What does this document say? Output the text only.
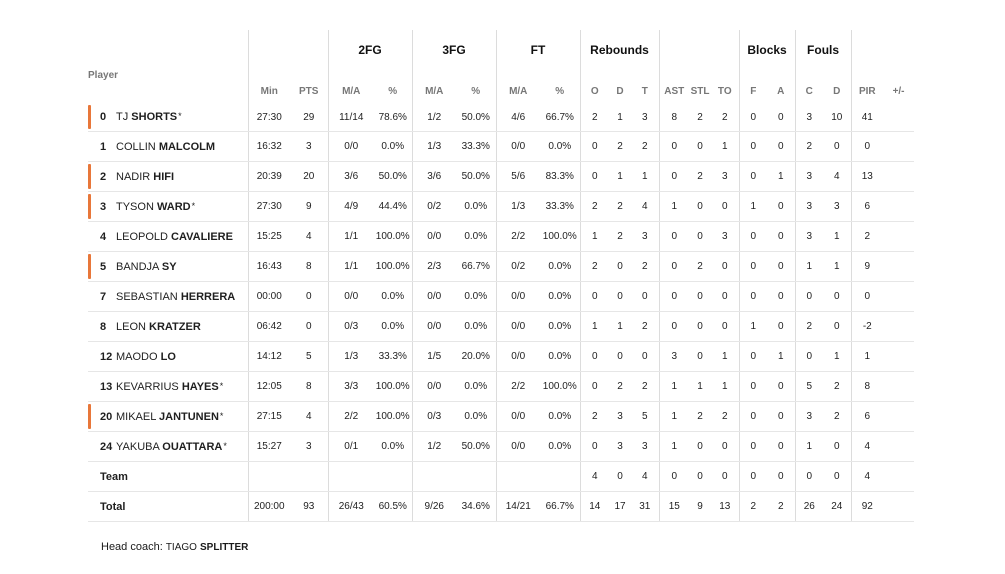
			2FG		3FG		FT		Rebounds						Blocks		Fouls			
Player	Min	PTS	M/A	%	M/A	%	M/A	%	O	D	T	AST	STL	TO	F	A	C	D	PIR	+/-

0 TJ SHORTS*	27:30	29	11/14	78.6%	1/2	50.0%	4/6	66.7%	2	1	3	8	2	2	0	0	3	10	41	
1 COLLIN MALCOLM	16:32	3	0/0	0.0%	1/3	33.3%	0/0	0.0%	0	2	2	0	0	1	0	0	2	0	0	

2 NADIR HIFI	20:39	20	3/6	50.0%	3/6	50.0%	5/6	83.3%	0	1	1	0	2	3	0	1	3	4	13	

3 TYSON WARD*	27:30	9	4/9	44.4%	0/2	0.0%	1/3	33.3%	2	2	4	1	0	0	1	0	3	3	6	
4 LEOPOLD CAVALIERE	15:25	4	1/1	100.0%	0/0	0.0%	2/2	100.0%	1	2	3	0	0	3	0	0	3	1	2	

5 BANDJA SY	16:43	8	1/1	100.0%	2/3	66.7%	0/2	0.0%	2	0	2	0	2	0	0	0	1	1	9	
7 SEBASTIAN HERRERA	00:00	0	0/0	0.0%	0/0	0.0%	0/0	0.0%	0	0	0	0	0	0	0	0	0	0	0	
8 LEON KRATZER	06:42	0	0/3	0.0%	0/0	0.0%	0/0	0.0%	1	1	2	0	0	0	1	0	2	0	-2	
12 MAODO LO	14:12	5	1/3	33.3%	1/5	20.0%	0/0	0.0%	0	0	0	3	0	1	0	1	0	1	1	
13 KEVARRIUS HAYES*	12:05	8	3/3	100.0%	0/0	0.0%	2/2	100.0%	0	2	2	1	1	1	0	0	5	2	8	

20 MIKAEL JANTUNEN*	27:15	4	2/2	100.0%	0/3	0.0%	0/0	0.0%	2	3	5	1	2	2	0	0	3	2	6	
24 YAKUBA OUATTARA*	15:27	3	0/1	0.0%	1/2	50.0%	0/0	0.0%	0	3	3	1	0	0	0	0	1	0	4	
Team									4	0	4	0	0	0	0	0	0	0	4	
Total	200:00	93	26/43	60.5%	9/26	34.6%	14/21	66.7%	14	17	31	15	9	13	2	2	26	24	92	
Head coach: TIAGO SPLITTER
